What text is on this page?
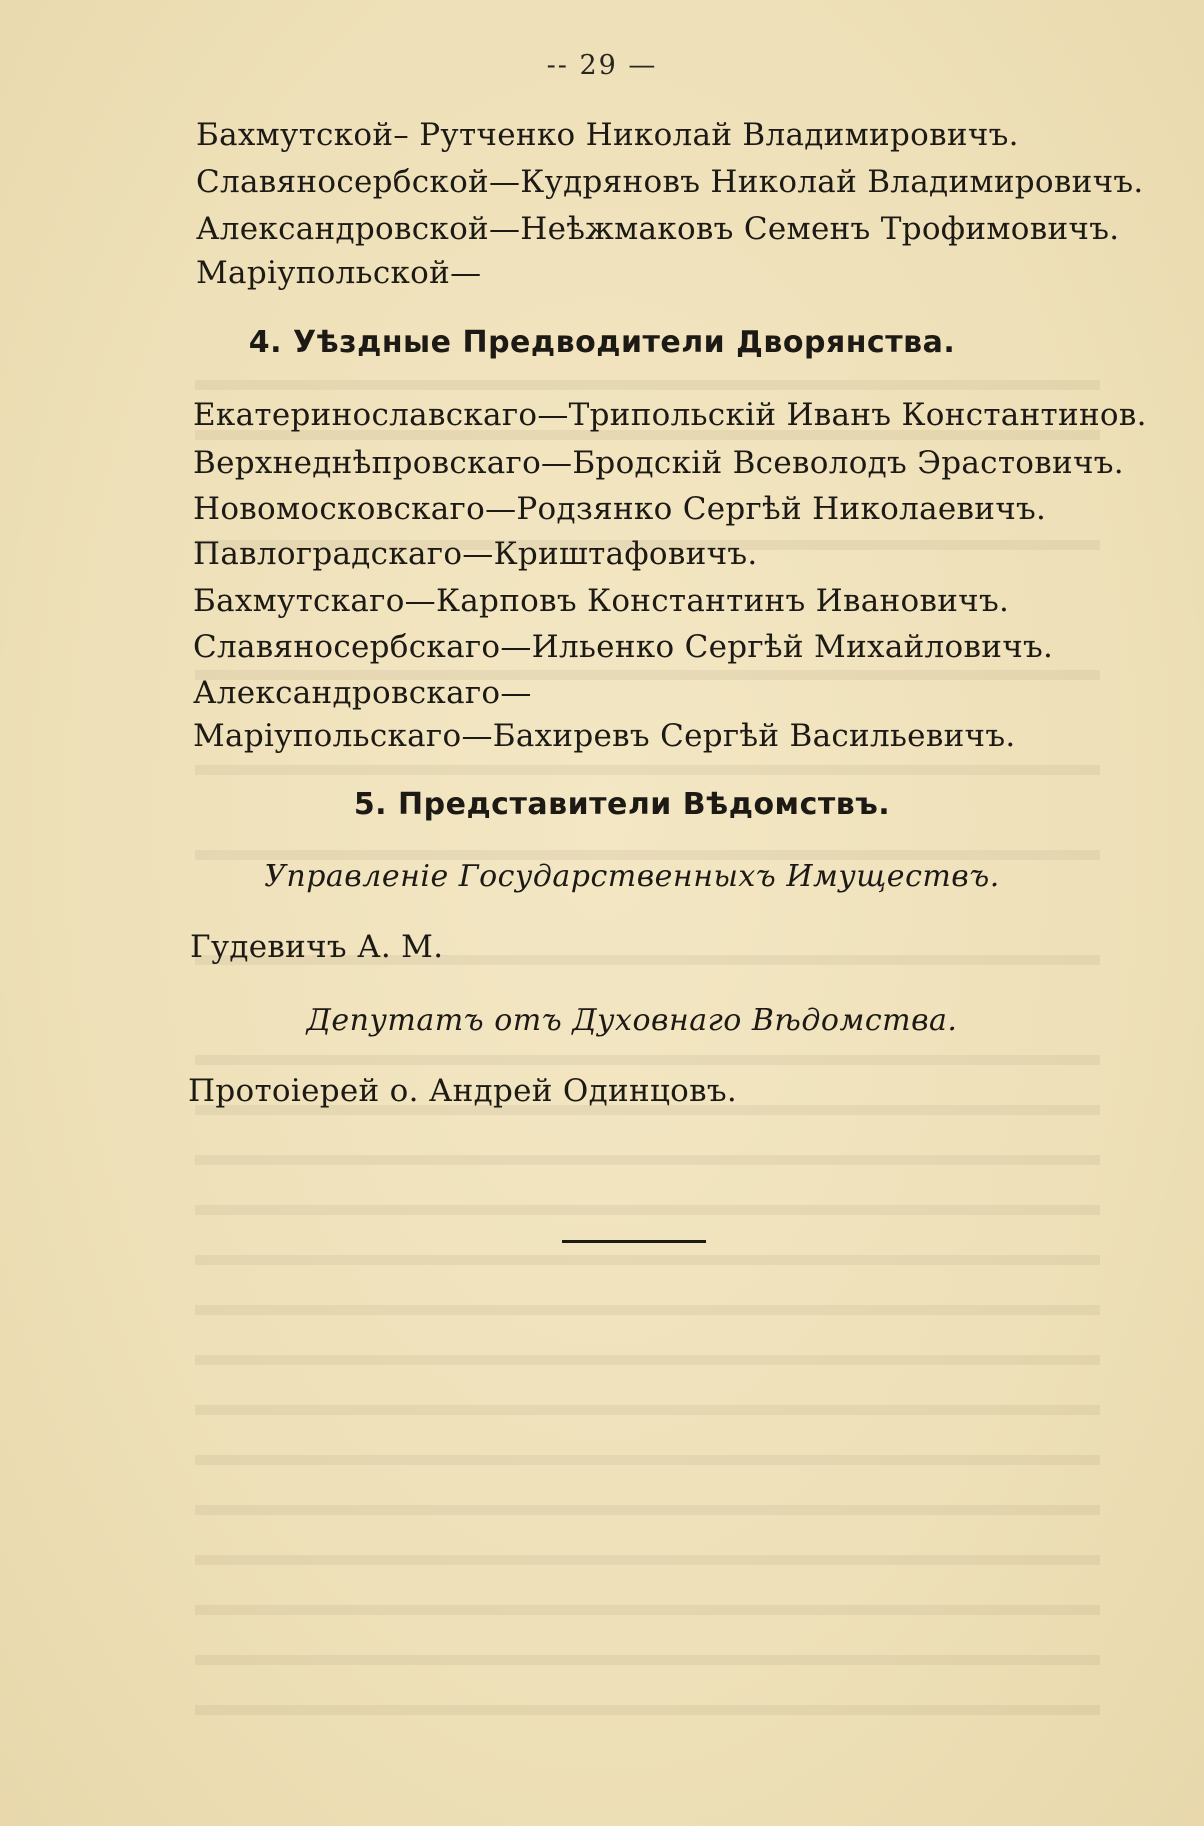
-- 29 —
Бахмутской– Рутченко Николай Владимировичъ.
Славяносербской—Кудряновъ Николай Владимировичъ.
Александровской—Неѣжмаковъ Семенъ Трофимовичъ.
Маріупольской—
4. Уѣздные Предводители Дворянства.
Екатеринославскаго—Трипольскій Иванъ Константинов.
Верхнеднѣпровскаго—Бродскій Всеволодъ Эрастовичъ.
Новомосковскаго—Родзянко Сергѣй Николаевичъ.
Павлоградскаго—Криштафовичъ.
Бахмутскаго—Карповъ Константинъ Ивановичъ.
Славяносербскаго—Ильенко Сергѣй Михайловичъ.
Александровскаго—
Маріупольскаго—Бахиревъ Сергѣй Васильевичъ.
5. Представители Вѣдомствъ.
Управленіе Государственныхъ Имуществъ.
Гудевичъ А. М.
Депутатъ отъ Духовнаго Вѣдомства.
Протоіерей о. Андрей Одинцовъ.
